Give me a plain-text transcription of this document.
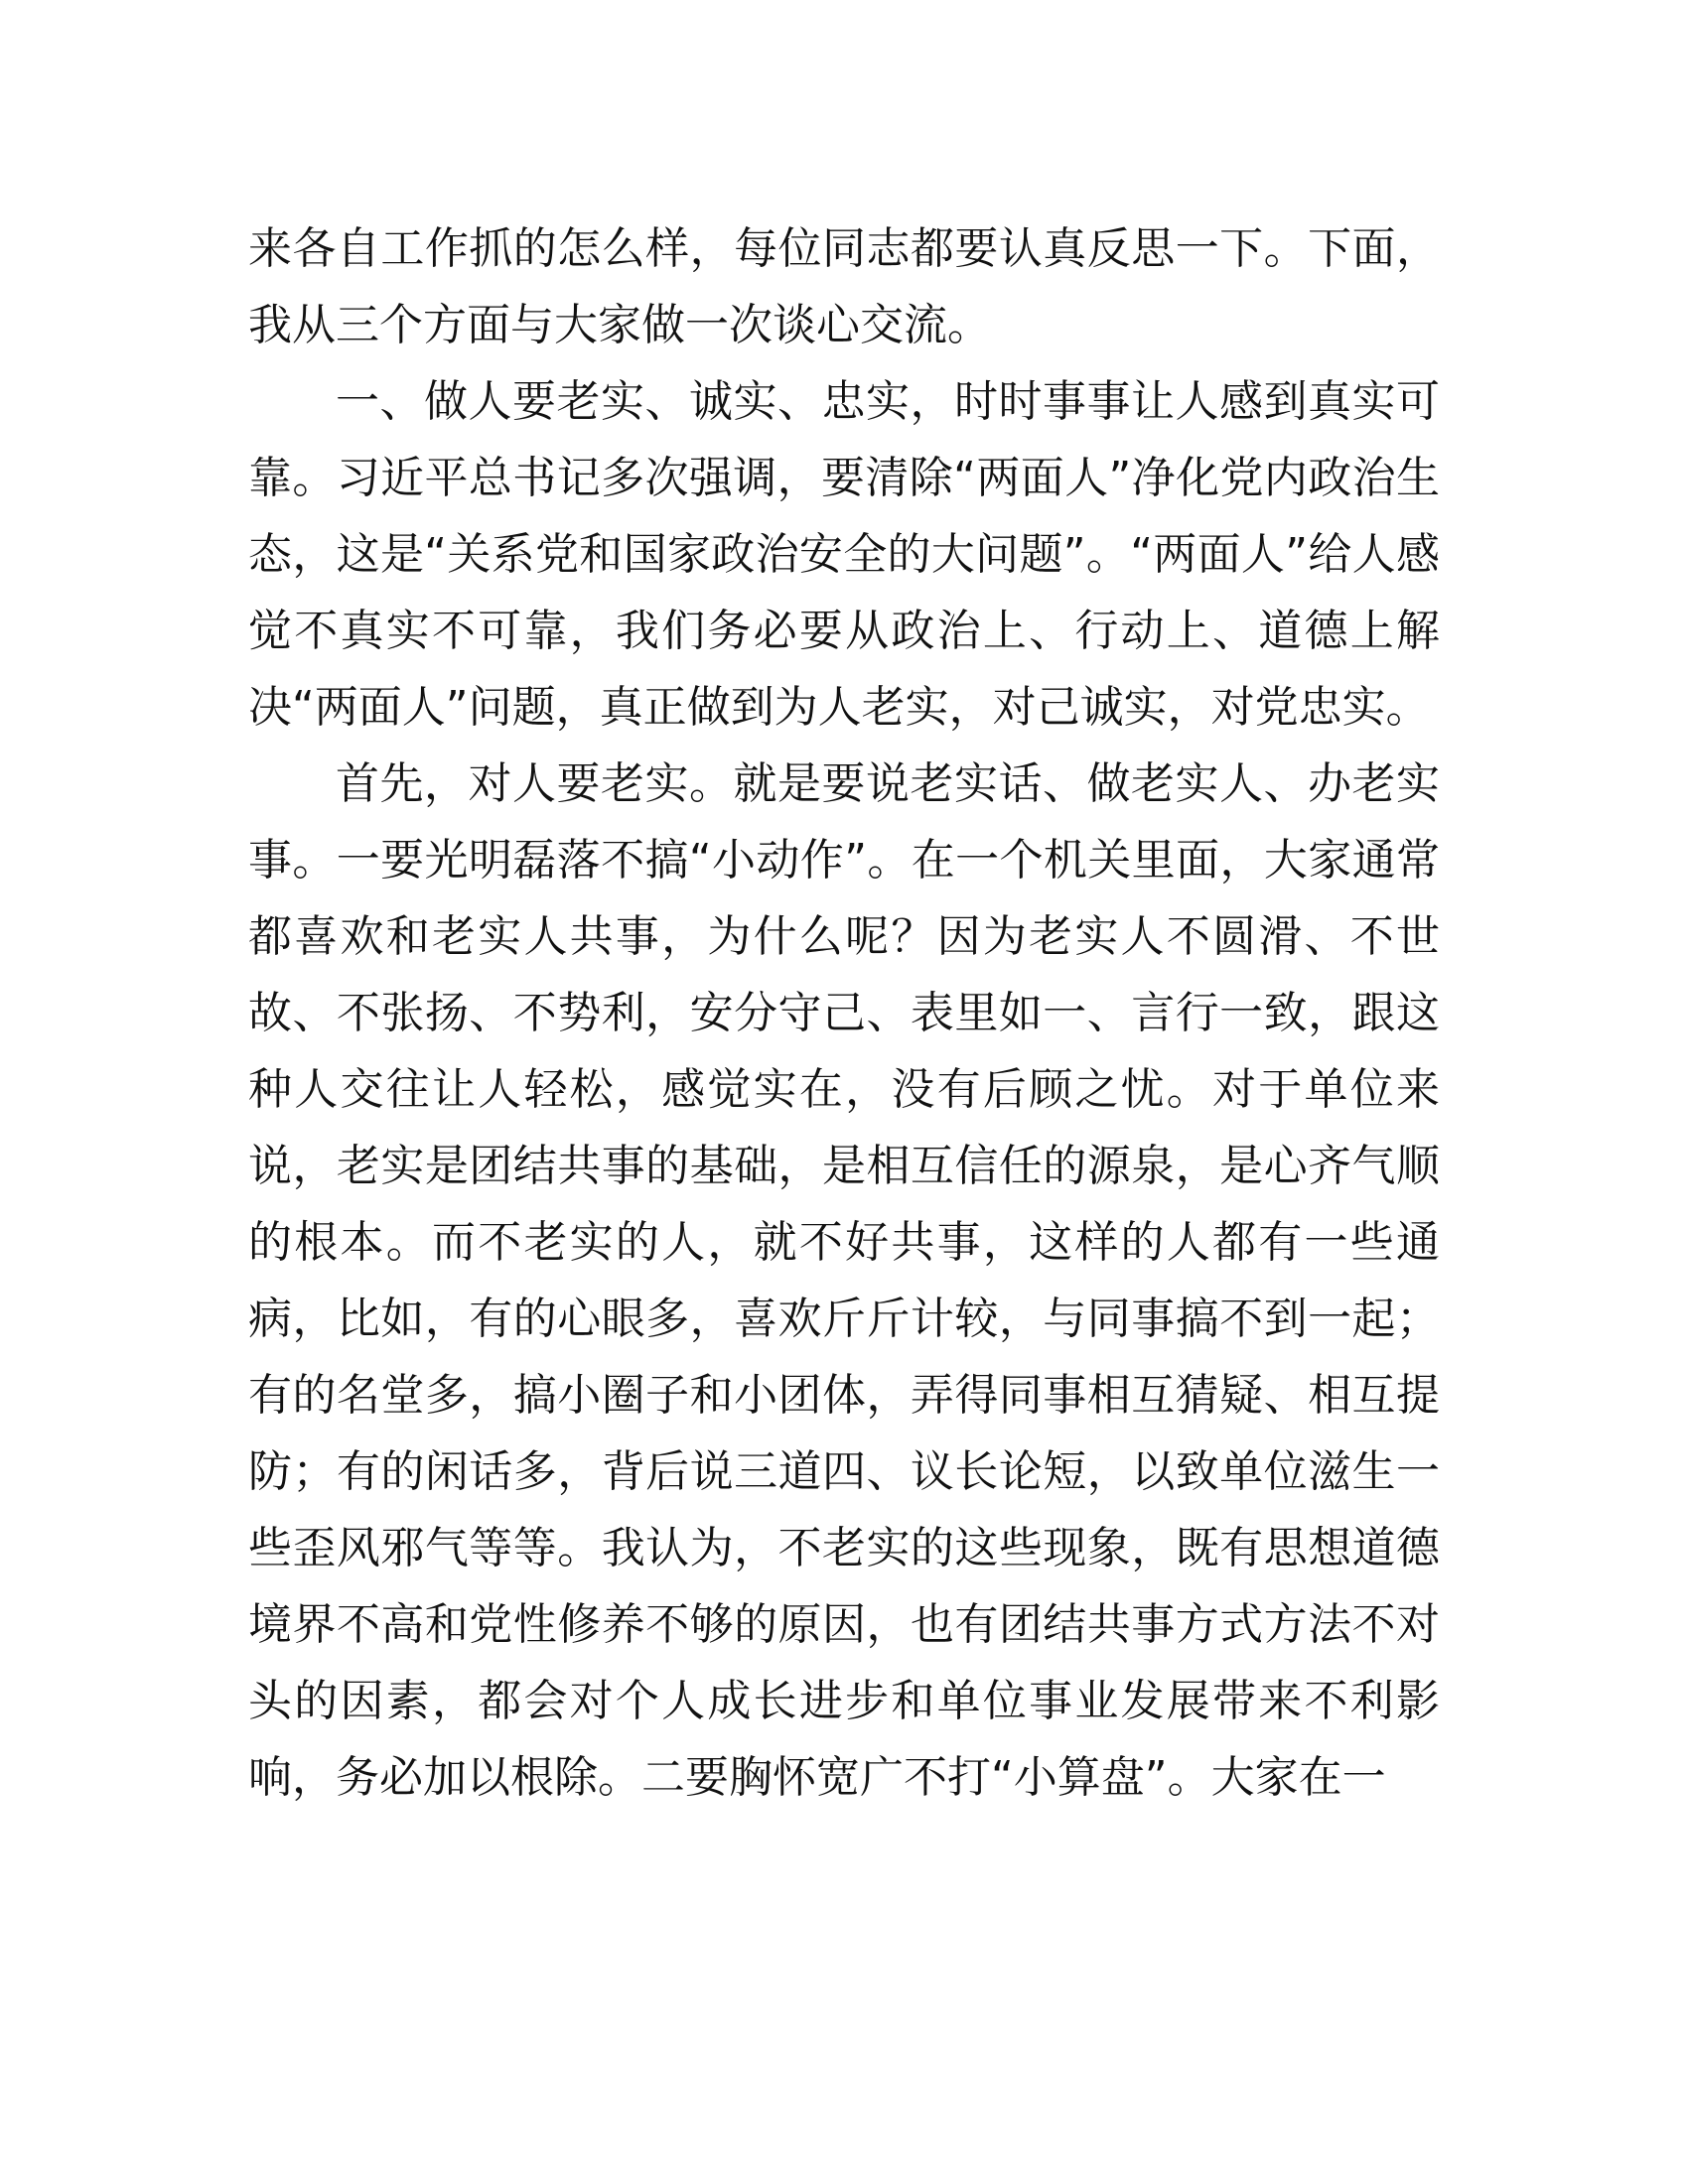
来各自工作抓的怎么样，每位同志都要认真反思一下。下面，我从三个方面与大家做一次谈心交流。

一、做人要老实、诚实、忠实，时时事事让人感到真实可靠。习近平总书记多次强调，要清除“两面人”净化党内政治生态，这是“关系党和国家政治安全的大问题”。“两面人”给人感觉不真实不可靠，我们务必要从政治上、行动上、道德上解决“两面人”问题，真正做到为人老实，对己诚实，对党忠实。

首先，对人要老实。就是要说老实话、做老实人、办老实事。一要光明磊落不搞“小动作”。在一个机关里面，大家通常都喜欢和老实人共事，为什么呢？因为老实人不圆滑、不世故、不张扬、不势利，安分守己、表里如一、言行一致，跟这种人交往让人轻松，感觉实在，没有后顾之忧。对于单位来说，老实是团结共事的基础，是相互信任的源泉，是心齐气顺的根本。而不老实的人，就不好共事，这样的人都有一些通病，比如，有的心眼多，喜欢斤斤计较，与同事搞不到一起；有的名堂多，搞小圈子和小团体，弄得同事相互猜疑、相互提防；有的闲话多，背后说三道四、议长论短，以致单位滋生一些歪风邪气等等。我认为，不老实的这些现象，既有思想道德境界不高和党性修养不够的原因，也有团结共事方式方法不对头的因素，都会对个人成长进步和单位事业发展带来不利影响，务必加以根除。二要胸怀宽广不打“小算盘”。大家在一
